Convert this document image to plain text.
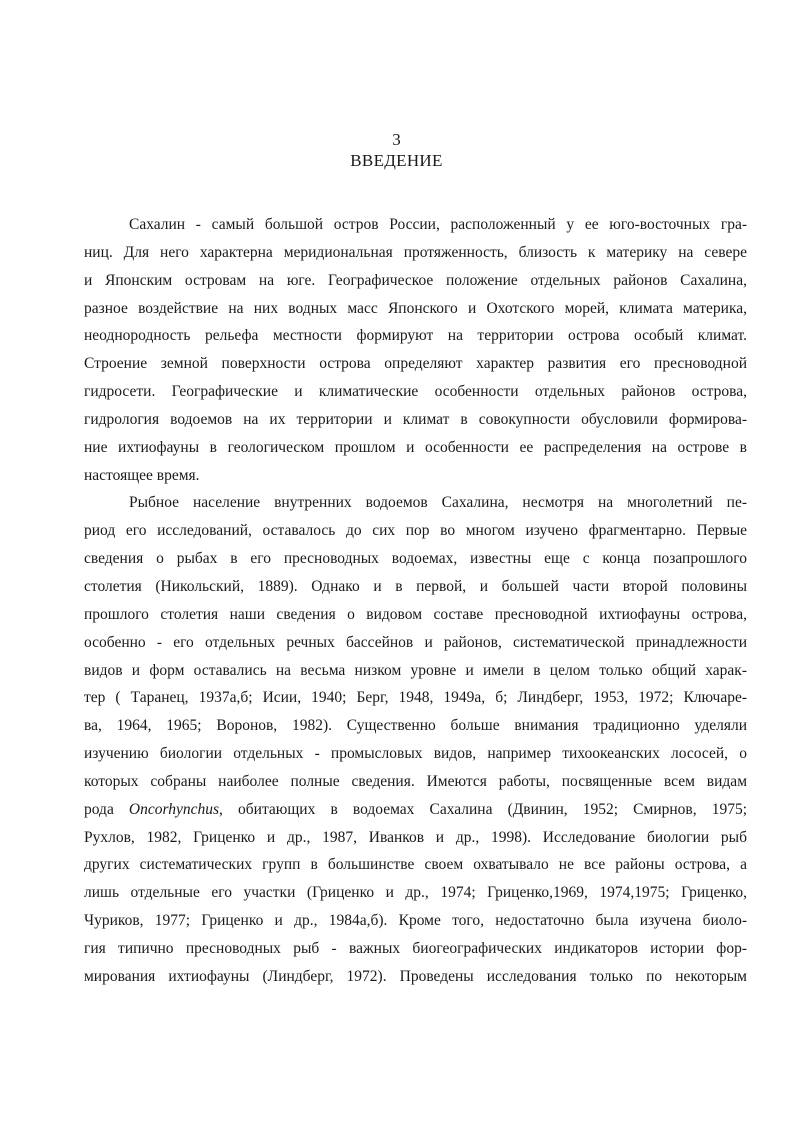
3
ВВЕДЕНИЕ

Сахалин - самый большой остров России, расположенный у ее юго-восточных гра-

ниц. Для него характерна меридиональная протяженность, близость к материку на севере

и Японским островам на юге. Географическое положение отдельных районов Сахалина,

разное воздействие на них водных масс Японского и Охотского морей, климата материка,

неоднородность рельефа местности формируют на территории острова особый климат.

Строение земной поверхности острова определяют характер развития его пресноводной

гидросети. Географические и климатические особенности отдельных районов острова,

гидрология водоемов на их территории и климат в совокупности обусловили формирова-

ние ихтиофауны в геологическом прошлом и особенности ее распределения на острове в

настоящее время.

Рыбное население внутренних водоемов Сахалина, несмотря на многолетний пе-

риод его исследований, оставалось до сих пор во многом изучено фрагментарно. Первые

сведения о рыбах в его пресноводных водоемах, известны еще с конца позапрошлого

столетия (Никольский, 1889). Однако и в первой, и большей части второй половины

прошлого столетия наши сведения о видовом составе пресноводной ихтиофауны острова,

особенно - его отдельных речных бассейнов и районов, систематической принадлежности

видов и форм оставались на весьма низком уровне и имели в целом только общий харак-

тер ( Таранец, 1937а,б; Исии, 1940; Берг, 1948, 1949а, б; Линдберг, 1953, 1972; Ключаре-

ва, 1964, 1965; Воронов, 1982). Существенно больше внимания традиционно уделяли

изучению биологии отдельных - промысловых видов, например тихоокеанских лососей, о

которых собраны наиболее полные сведения. Имеются работы, посвященные всем видам

рода Oncorhynchus, обитающих в водоемах Сахалина (Двинин, 1952; Смирнов, 1975;

Рухлов, 1982, Гриценко и др., 1987, Иванков и др., 1998). Исследование биологии рыб

других систематических групп в большинстве своем охватывало не все районы острова, а

лишь отдельные его участки (Гриценко и др., 1974; Гриценко,1969, 1974,1975; Гриценко,

Чуриков, 1977; Гриценко и др., 1984а,б). Кроме того, недостаточно была изучена биоло-

гия типично пресноводных рыб - важных биогеографических индикаторов истории фор-

мирования ихтиофауны (Линдберг, 1972). Проведены исследования только по некоторым
